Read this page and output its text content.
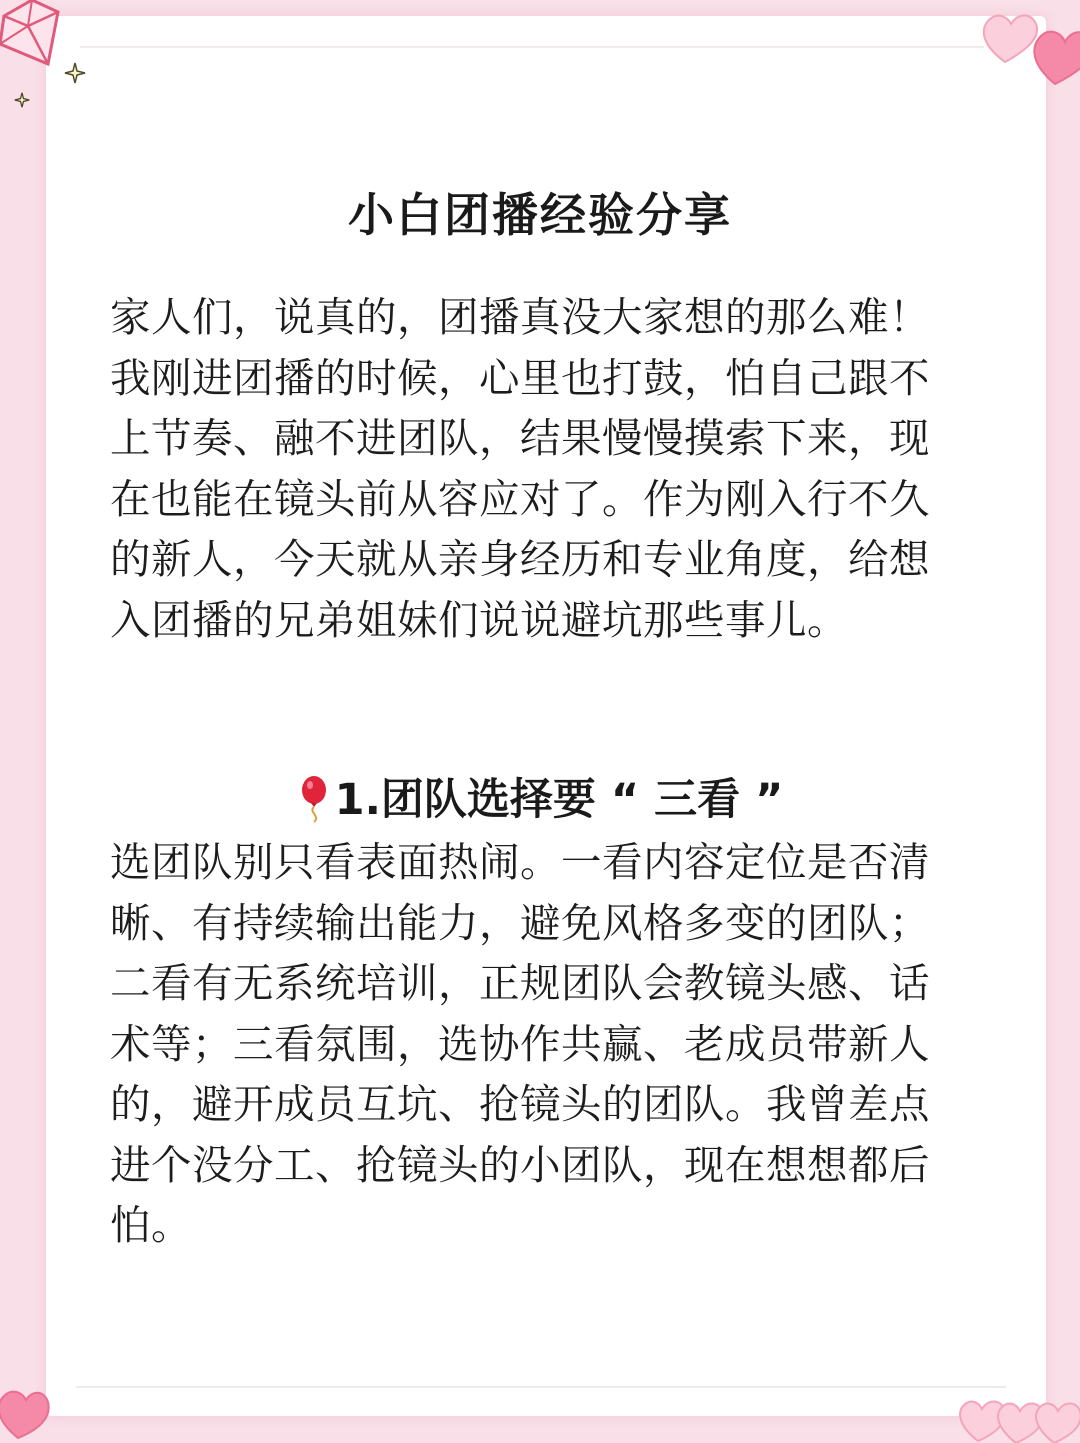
小白团播经验分享

家人们，说真的，团播真没大家想的那么难！我刚进团播的时候，心里也打鼓，怕自己跟不上节奏、融不进团队，结果慢慢摸索下来，现在也能在镜头前从容应对了。作为刚入行不久的新人，今天就从亲身经历和专业角度，给想入团播的兄弟姐妹们说说避坑那些事儿。

1.团队选择要 “ 三看 ”

选团队别只看表面热闹。一看内容定位是否清晰、有持续输出能力，避免风格多变的团队；二看有无系统培训，正规团队会教镜头感、话术等；三看氛围，选协作共赢、老成员带新人的，避开成员互坑、抢镜头的团队。我曾差点进个没分工、抢镜头的小团队，现在想想都后怕。
